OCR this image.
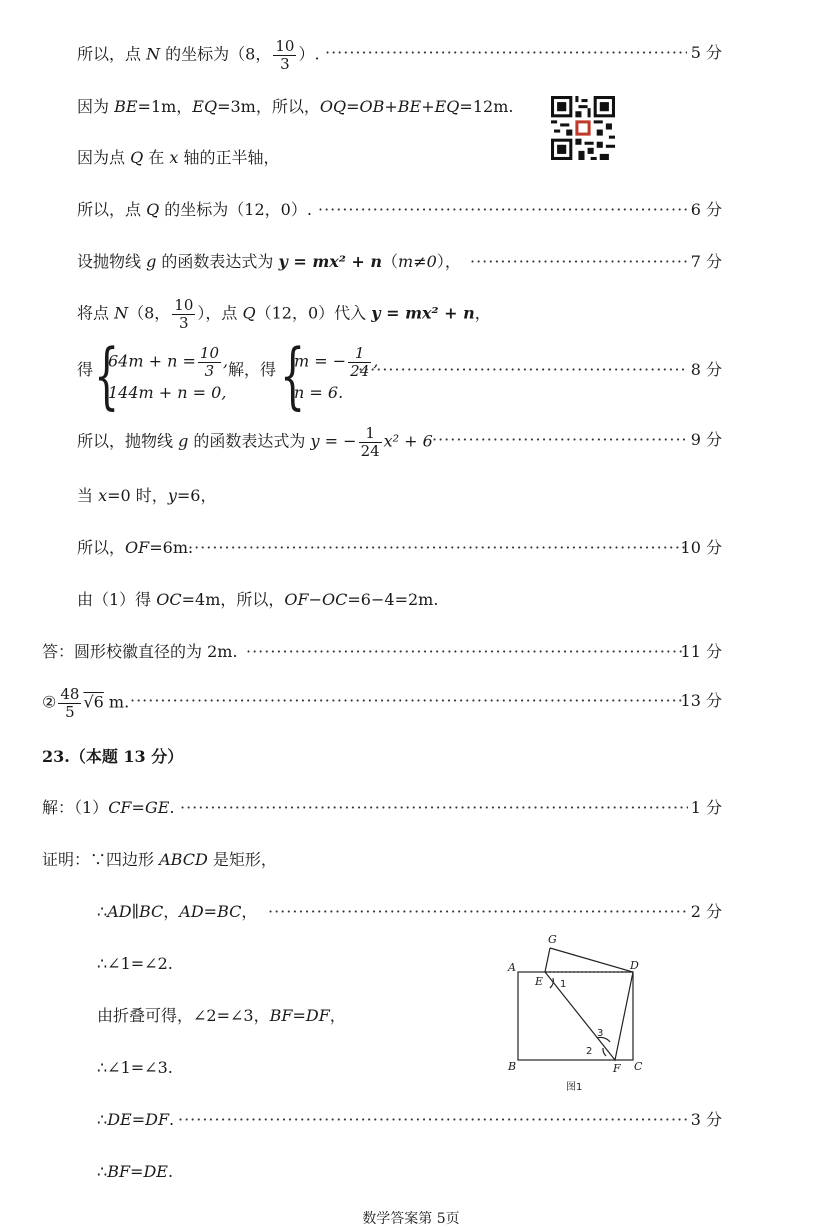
所以，点 N 的坐标为（8， $\frac{10}{3}$ ）. ·····	5 分
因为 BE=1m，EQ=3m，所以，OQ=OB+BE+EQ=12m.
因为点 Q 在 x 轴的正半轴，
所以，点 Q 的坐标为（12，0）. ·····	6 分
设抛物线 g 的函数表达式为 y = mx² + n（m≠0）， ·····	7 分
将点 N（8， $\frac{10}{3}$ ），点 Q（12，0）代入 y = mx² + n，
得 {
$64m + n = \frac{10}{3}$ ,
144m + n = 0,
解，得 {
m = − $\frac{1}{24}$ ,
n = 6.
·····
8 分
所以，抛物线 g 的函数表达式为 y = − $\frac{1}{24} x^2 + 6$ ·····	9 分
当 x=0 时，y=6，
所以，OF=6m. ·····	10 分
由（1）得 OC=4m，所以，OF−OC=6−4=2m.
答：圆形校徽直径的为 2m. ·····	11 分
② $\frac{48}{5} √6$ m. ·····	13 分
23.（本题 13 分）
解：（1）CF=GE. ·····	1 分
证明：∵四边形 ABCD 是矩形，
∴AD∥BC，AD=BC， ·····	2 分
∴∠1=∠2.
由折叠可得，∠2=∠3，BF=DF，
∴∠1=∠3.
G
A	D
E
B	F C
1
2
3
图1
∴DE=DF. ·····	3 分
∴BF=DE.
数学答案第 5页
